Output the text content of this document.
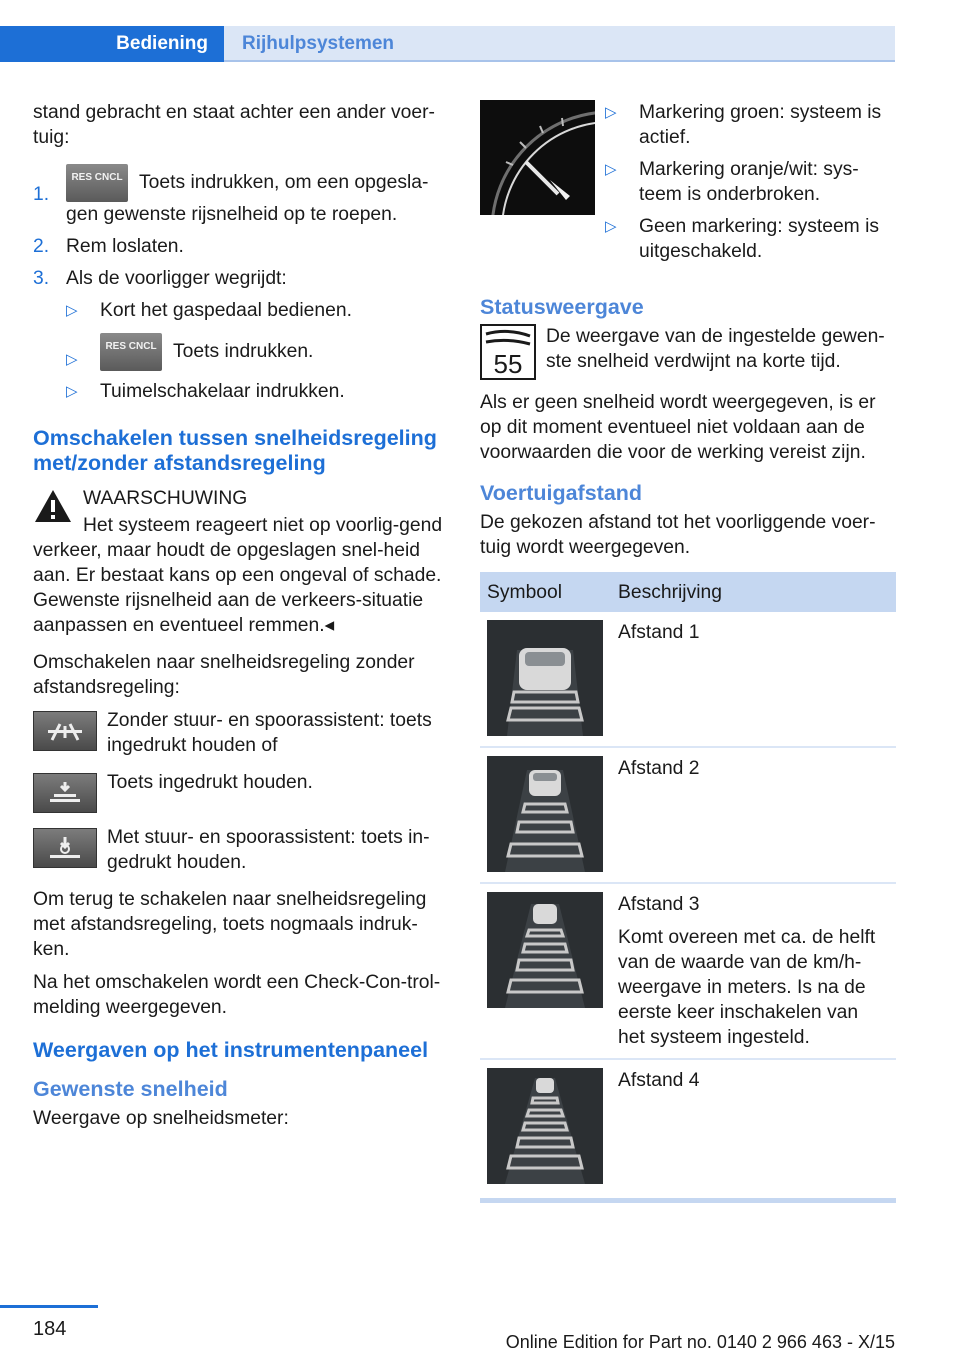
Bediening	Rijhulpsystemen

stand gebracht en staat achter een ander voer-tuig:

1.
RES CNCL Toets indrukken, om een opgesla-gen gewenste rijsnelheid op te roepen.
2. Rem loslaten.
3. Als de voorligger wegrijdt:
▷	Kort het gaspedaal bedienen.
▷
RES CNCL Toets indrukken.
▷	Tuimelschakelaar indrukken.
Omschakelen tussen snelheidsregeling met/zonder afstandsregeling

WAARSCHUWING

Het systeem reageert niet op voorlig-gend verkeer, maar houdt de opgeslagen snel-heid aan. Er bestaat kans op een ongeval of schade. Gewenste rijsnelheid aan de verkeers-situatie aanpassen en eventueel remmen.◂

Omschakelen naar snelheidsregeling zonder afstandsregeling:

Zonder stuur- en spoorassistent: toets ingedrukt houden of
Toets ingedrukt houden.
Met stuur- en spoorassistent: toets in-gedrukt houden.

Om terug te schakelen naar snelheidsregeling met afstandsregeling, toets nogmaals indruk-ken.

Na het omschakelen wordt een Check-Con-trol-melding weergegeven.

Weergaven op het instrumentenpaneel
Gewenste snelheid

Weergave op snelheidsmeter:

▷	Markering groen: systeem is actief.
▷	Markering oranje/wit: sys-teem is onderbroken.
▷	Geen markering: systeem is uitgeschakeld.
Statusweergave
55

De weergave van de ingestelde gewen-ste snelheid verdwijnt na korte tijd.

Als er geen snelheid wordt weergegeven, is er op dit moment eventueel niet voldaan aan de voorwaarden die voor de werking vereist zijn.

Voertuigafstand

De gekozen afstand tot het voorliggende voer-tuig wordt weergegeven.

Symbool	Beschrijving

Afstand 1

Afstand 2

Afstand 3
Komt overeen met ca. de helft van de waarde van de km/h-weergave in meters. Is na de eerste keer inschakelen van het systeem ingesteld.

Afstand 4
184
Online Edition for Part no. 0140 2 966 463 - X/15
